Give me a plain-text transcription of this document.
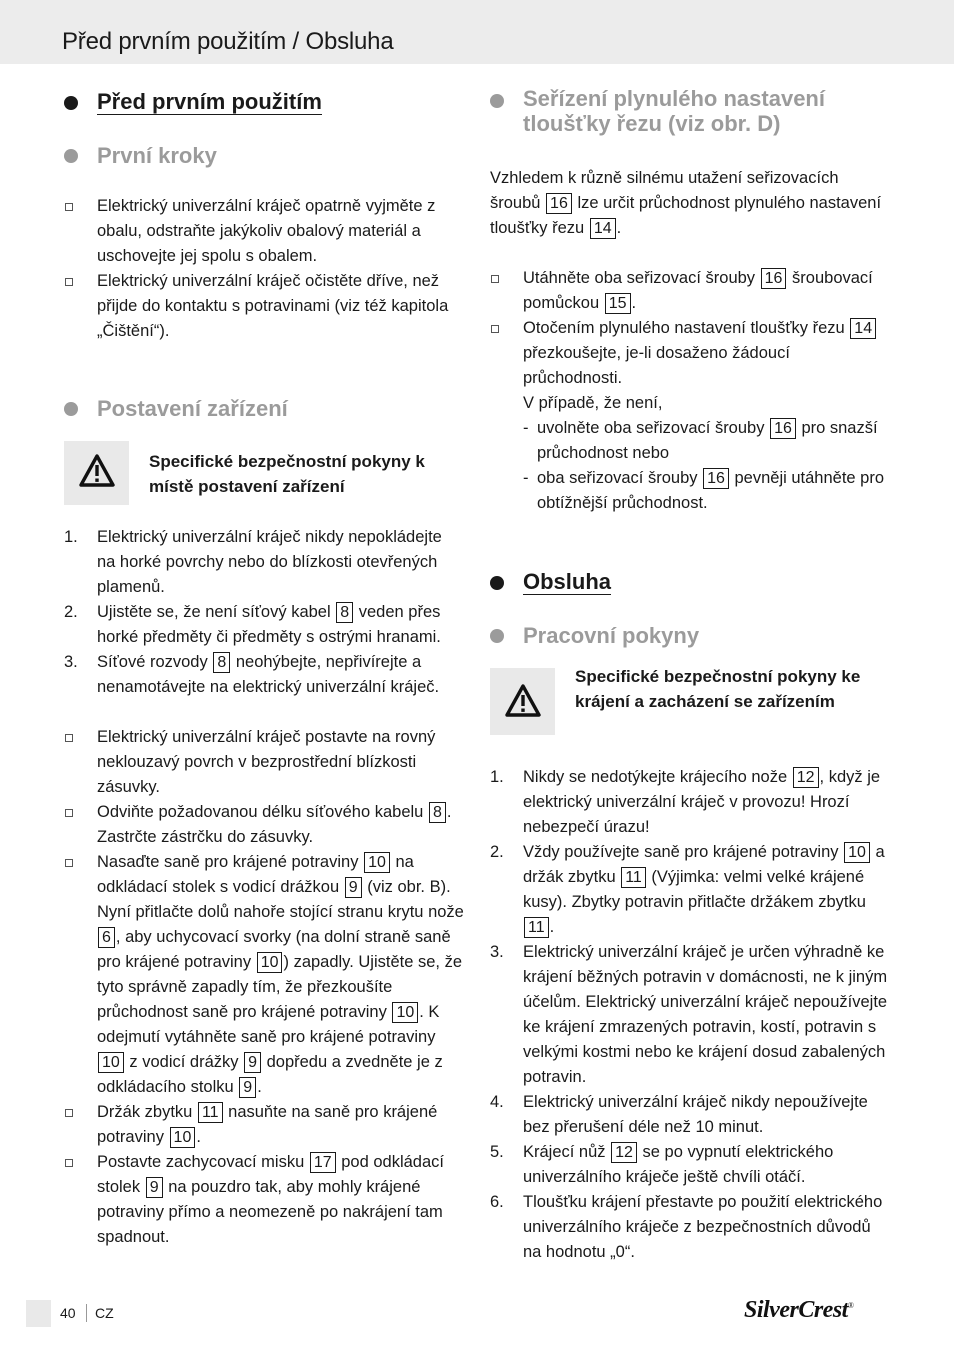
Před prvním použitím / Obsluha
Před prvním použitím
První kroky
Elektrický univerzální kráječ opatrně vyjměte z obalu, odstraňte jakýkoliv obalový materiál a uschovejte jej spolu s obalem.
Elektrický univerzální kráječ očistěte dříve, než přijde do kontaktu s potravinami (viz též kapitola „Čištění“).
Postavení zařízení
Specifické bezpečnostní pokyny k místě postavení zařízení
1. Elektrický univerzální kráječ nikdy nepokládejte na horké povrchy nebo do blízkosti otevřených plamenů.
2. Ujistěte se, že není síťový kabel 8 veden přes horké předměty či předměty s ostrými hranami.
3. Síťové rozvody 8 neohýbejte, nepřivírejte a nenamotávejte na elektrický univerzální kráječ.
Elektrický univerzální kráječ postavte na rovný neklouzavý povrch v bezprostřední blízkosti zásuvky.
Odviňte požadovanou délku síťového kabelu 8 . Zastrčte zástrčku do zásuvky.
Nasaďte saně pro krájené potraviny 10 na odkládací stolek s vodicí drážkou 9 (viz obr. B). Nyní přitlačte dolů nahoře stojící stranu krytu nože 6 , aby uchycovací svorky (na dolní straně saně pro krájené potraviny 10 ) zapadly. Ujistěte se, že tyto správně zapadly tím, že přezkoušíte průchodnost saně pro krájené potraviny 10 . K odejmutí vytáhněte saně pro krájené potraviny 10 z vodicí drážky 9 dopředu a zvedněte je z odkládacího stolku 9 .
Držák zbytku 11 nasuňte na saně pro krájené potraviny 10 .
Postavte zachycovací misku 17 pod odkládací stolek 9 na pouzdro tak, aby mohly krájené potraviny přímo a neomezeně po nakrájení tam spadnout.
Seřízení plynulého nastavení tloušťky řezu (viz obr. D)
Vzhledem k různě silnému utažení seřizovacích šroubů 16 lze určit průchodnost plynulého nastavení tloušťky řezu 14 .
Utáhněte oba seřizovací šrouby 16 šroubovací pomůckou 15 .
Otočením plynulého nastavení tloušťky řezu 14 přezkoušejte, je-li dosaženo žádoucí průchodnosti.
V případě, že není,
- uvolněte oba seřizovací šrouby 16 pro snazší průchodnost nebo
- oba seřizovací šrouby 16 pevněji utáhněte pro obtížnější průchodnost.
Obsluha
Pracovní pokyny
Specifické bezpečnostní pokyny ke krájení a zacházení se zařízením
1. Nikdy se nedotýkejte krájecího nože 12 , když je elektrický univerzální kráječ v provozu! Hrozí nebezpečí úrazu!
2. Vždy používejte saně pro krájené potraviny 10 a držák zbytku 11 (Výjimka: velmi velké krájené kusy). Zbytky potravin přitlačte držákem zbytku 11 .
3. Elektrický univerzální kráječ je určen výhradně ke krájení běžných potravin v domácnosti, ne k jiným účelům. Elektrický univerzální kráječ nepoužívejte ke krájení zmrazených potravin, kostí, potravin s velkými kostmi nebo ke krájení dosud zabalených potravin.
4. Elektrický univerzální kráječ nikdy nepoužívejte bez přerušení déle než 10 minut.
5. Krájecí nůž 12 se po vypnutí elektrického univerzálního kráječe ještě chvíli otáčí.
6. Tloušťku krájení přestavte po použití elektrického univerzálního kráječe z bezpečnostních důvodů na hodnotu „0“.
40 CZ	SilverCrest®
